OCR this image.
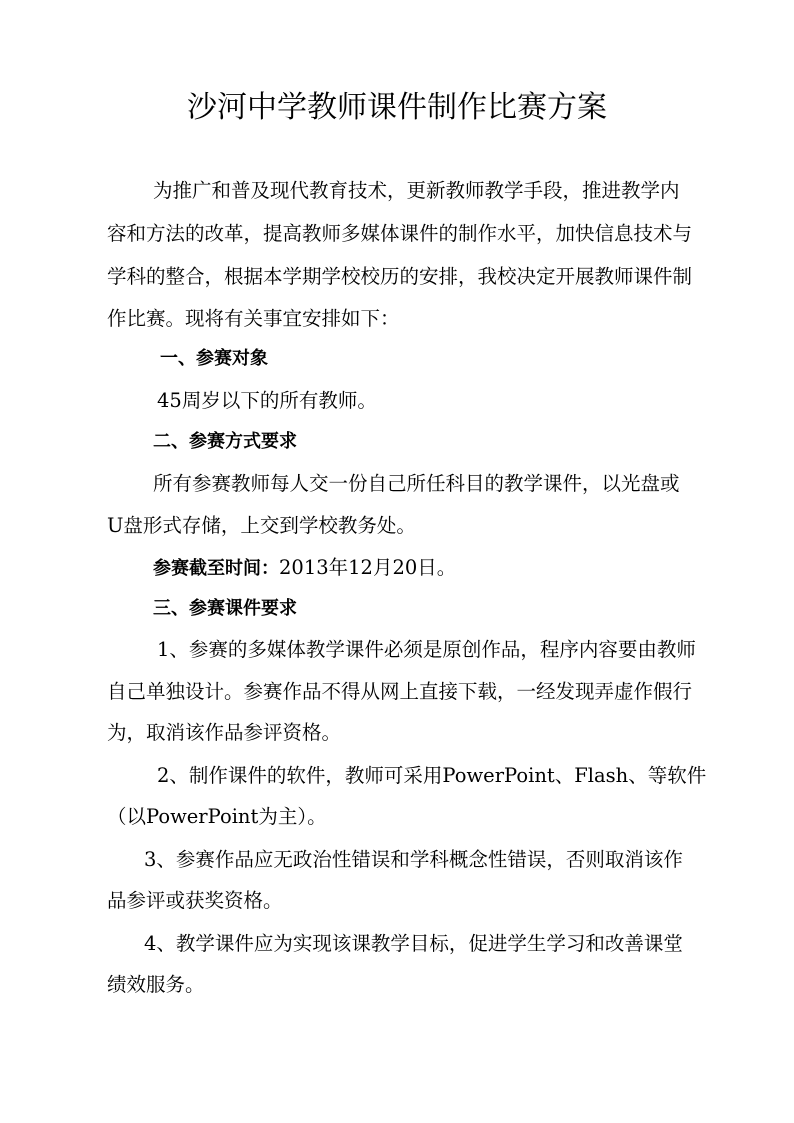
沙河中学教师课件制作比赛方案
为推广和普及现代教育技术，更新教师教学手段，推进教学内
容和方法的改革，提高教师多媒体课件的制作水平，加快信息技术与
学科的整合，根据本学期学校校历的安排，我校决定开展教师课件制
作比赛。现将有关事宜安排如下：
一、参赛对象
45周岁以下的所有教师。
二、参赛方式要求
所有参赛教师每人交一份自己所任科目的教学课件，以光盘或
U盘形式存储，上交到学校教务处。
参赛截至时间：2013年12月20日。
三、参赛课件要求
1、参赛的多媒体教学课件必须是原创作品，程序内容要由教师
自己单独设计。参赛作品不得从网上直接下载，一经发现弄虚作假行
为，取消该作品参评资格。
2、制作课件的软件，教师可采用PowerPoint、Flash、等软件
（以PowerPoint为主）。
3、参赛作品应无政治性错误和学科概念性错误，否则取消该作
品参评或获奖资格。
4、教学课件应为实现该课教学目标，促进学生学习和改善课堂
绩效服务。
